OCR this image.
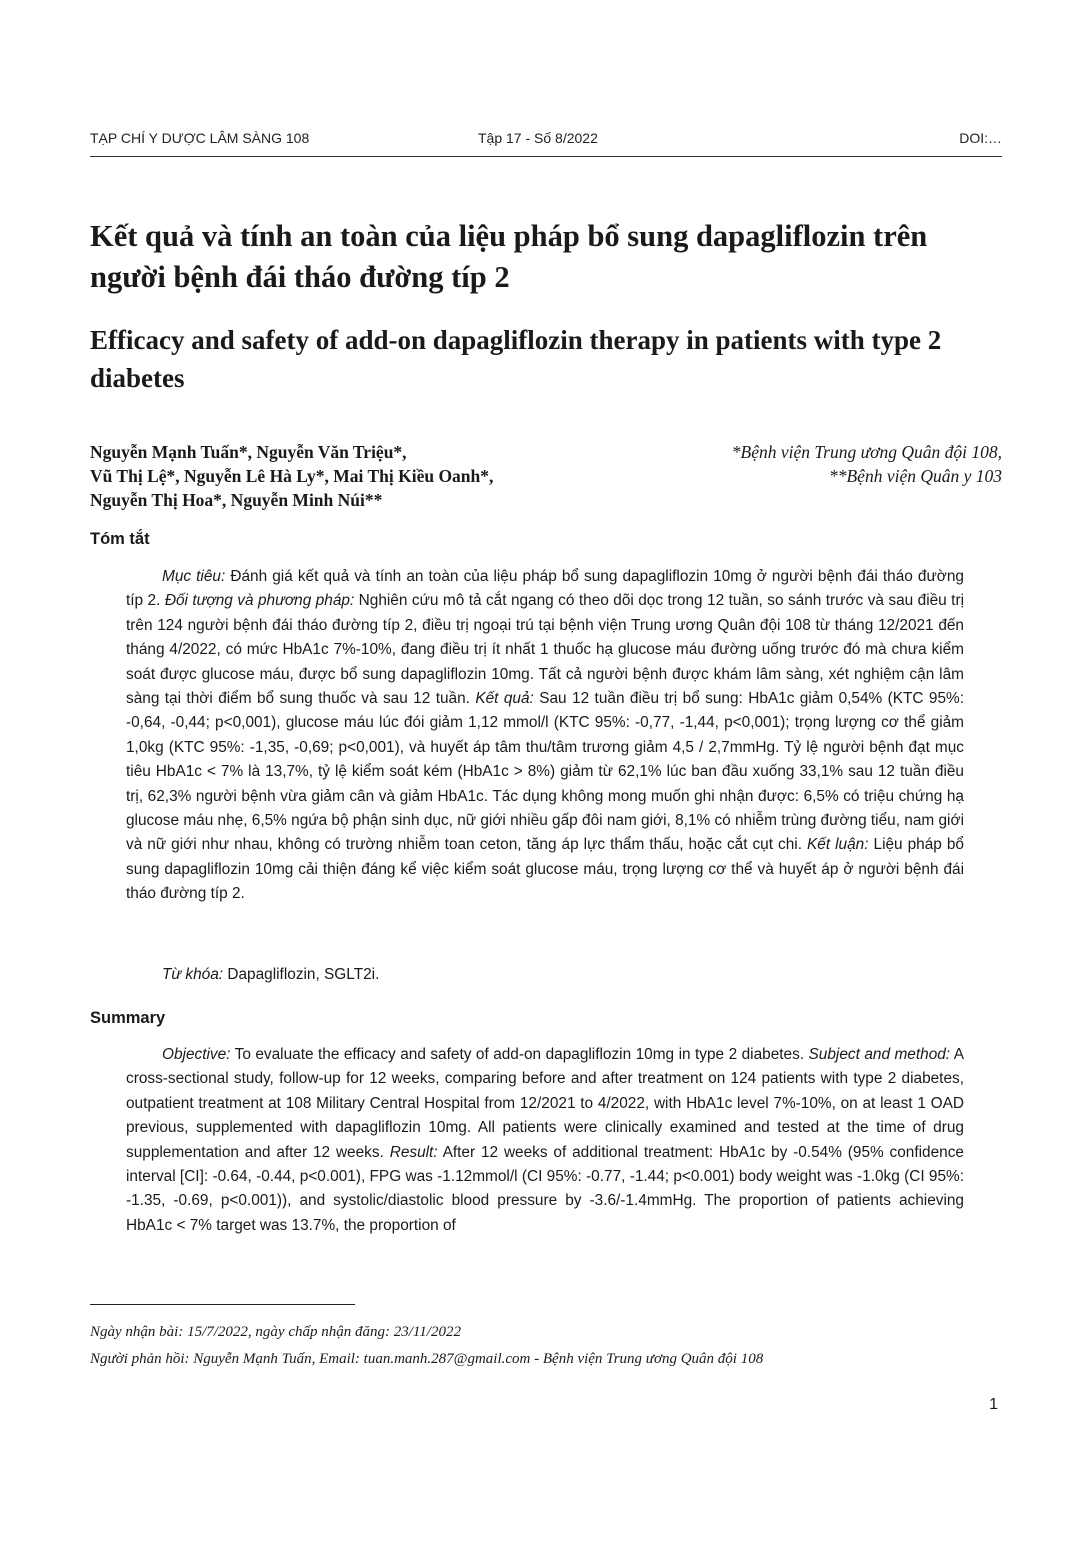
TẠP CHÍ Y DƯỢC LÂM SÀNG 108	Tập 17 - Số 8/2022	DOI:…
Kết quả và tính an toàn của liệu pháp bổ sung dapagliflozin trên người bệnh đái tháo đường típ 2
Efficacy and safety of add-on dapagliflozin therapy in patients with type 2 diabetes
Nguyễn Mạnh Tuấn*, Nguyễn Văn Triệu*,
Vũ Thị Lệ*, Nguyễn Lê Hà Ly*, Mai Thị Kiều Oanh*,
Nguyễn Thị Hoa*, Nguyễn Minh Núi**
*Bệnh viện Trung ương Quân đội 108,
**Bệnh viện Quân y 103
Tóm tắt

Mục tiêu: Đánh giá kết quả và tính an toàn của liệu pháp bổ sung dapagliflozin 10mg ở người bệnh đái tháo đường típ 2. Đối tượng và phương pháp: Nghiên cứu mô tả cắt ngang có theo dõi dọc trong 12 tuần, so sánh trước và sau điều trị trên 124 người bệnh đái tháo đường típ 2, điều trị ngoại trú tại bệnh viện Trung ương Quân đội 108 từ tháng 12/2021 đến tháng 4/2022, có mức HbA1c 7%-10%, đang điều trị ít nhất 1 thuốc hạ glucose máu đường uống trước đó mà chưa kiểm soát được glucose máu, được bổ sung dapagliflozin 10mg. Tất cả người bệnh được khám lâm sàng, xét nghiệm cận lâm sàng tại thời điểm bổ sung thuốc và sau 12 tuần. Kết quả: Sau 12 tuần điều trị bổ sung: HbA1c giảm 0,54% (KTC 95%: -0,64, -0,44; p<0,001), glucose máu lúc đói giảm 1,12 mmol/l (KTC 95%: -0,77, -1,44, p<0,001); trọng lượng cơ thể giảm 1,0kg (KTC 95%: -1,35, -0,69; p<0,001), và huyết áp tâm thu/tâm trương giảm 4,5 / 2,7mmHg. Tỷ lệ người bệnh đạt mục tiêu HbA1c < 7% là 13,7%, tỷ lệ kiểm soát kém (HbA1c > 8%) giảm từ 62,1% lúc ban đầu xuống 33,1% sau 12 tuần điều trị, 62,3% người bệnh vừa giảm cân và giảm HbA1c. Tác dụng không mong muốn ghi nhận được: 6,5% có triệu chứng hạ glucose máu nhẹ, 6,5% ngứa bộ phận sinh dục, nữ giới nhiều gấp đôi nam giới, 8,1% có nhiễm trùng đường tiểu, nam giới và nữ giới như nhau, không có trường nhiễm toan ceton, tăng áp lực thẩm thấu, hoặc cắt cụt chi. Kết luận: Liệu pháp bổ sung dapagliflozin 10mg cải thiện đáng kể việc kiểm soát glucose máu, trọng lượng cơ thể và huyết áp ở người bệnh đái tháo đường típ 2.

Từ khóa: Dapagliflozin, SGLT2i.

Summary

Objective: To evaluate the efficacy and safety of add-on dapagliflozin 10mg in type 2 diabetes. Subject and method: A cross-sectional study, follow-up for 12 weeks, comparing before and after treatment on 124 patients with type 2 diabetes, outpatient treatment at 108 Military Central Hospital from 12/2021 to 4/2022, with HbA1c level 7%-10%, on at least 1 OAD previous, supplemented with dapagliflozin 10mg. All patients were clinically examined and tested at the time of drug supplementation and after 12 weeks. Result: After 12 weeks of additional treatment: HbA1c by -0.54% (95% confidence interval [CI]: -0.64, -0.44, p<0.001), FPG was -1.12mmol/l (CI 95%: -0.77, -1.44; p<0.001) body weight was -1.0kg (CI 95%: -1.35, -0.69, p<0.001)), and systolic/diastolic blood pressure by -3.6/-1.4mmHg. The proportion of patients achieving HbA1c < 7% target was 13.7%, the proportion of

Ngày nhận bài: 15/7/2022, ngày chấp nhận đăng: 23/11/2022

Người phản hồi: Nguyễn Mạnh Tuấn, Email: tuan.manh.287@gmail.com - Bệnh viện Trung ương Quân đội 108

1
